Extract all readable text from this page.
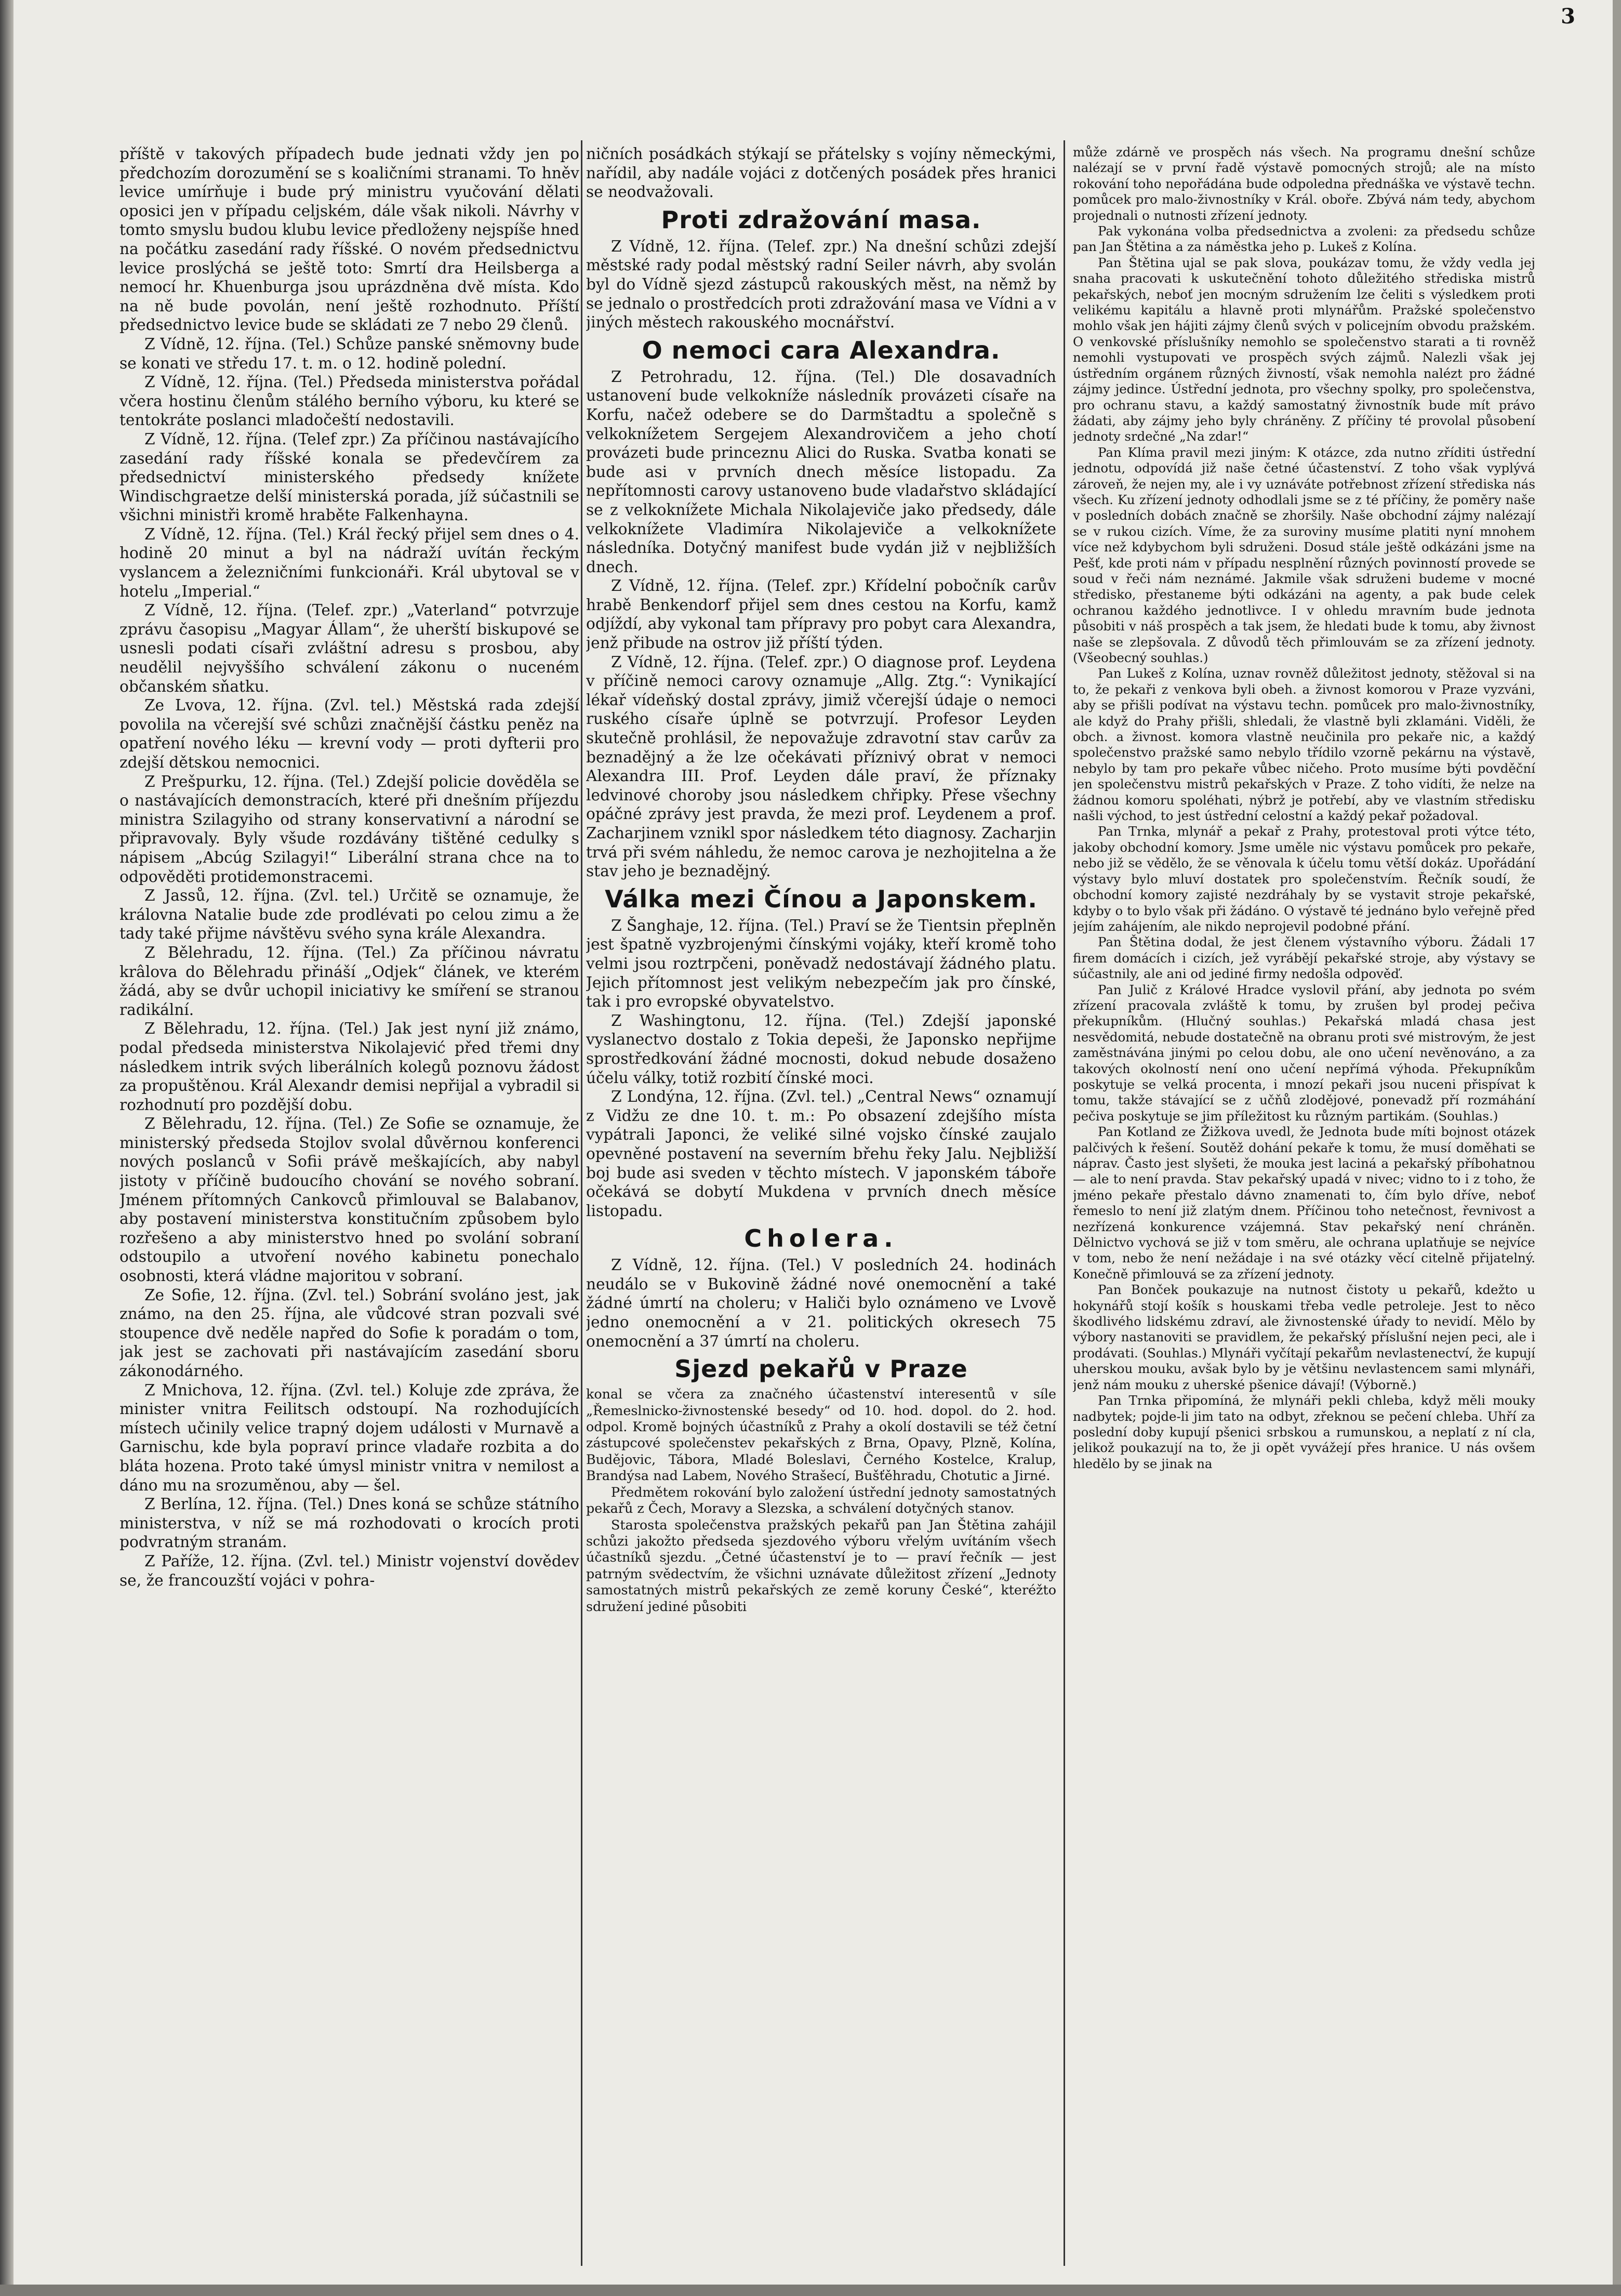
3

příště v takových případech bude jednati vždy jen po předchozím dorozumění se s koaličními stranami. To hněv levice umírňuje i bude prý ministru vyučování dělati oposici jen v případu celjském, dále však nikoli. Návrhy v tomto smyslu budou klubu levice předloženy nejspíše hned na počátku zasedání rady říšské. O novém předsednictvu levice proslýchá se ještě toto: Smrtí dra Heilsberga a nemocí hr. Khuenburga jsou uprázdněna dvě místa. Kdo na ně bude povolán, není ještě rozhodnuto. Příští předsednictvo levice bude se skládati ze 7 nebo 29 členů.

Z Vídně, 12. října. (Tel.) Schůze panské sněmovny bude se konati ve středu 17. t. m. o 12. hodině polední.

Z Vídně, 12. října. (Tel.) Předseda ministerstva pořádal včera hostinu členům stálého berního výboru, ku které se tentokráte poslanci mladočeští nedostavili.

Z Vídně, 12. října. (Telef zpr.) Za příčinou nastávajícího zasedání rady říšské konala se předevčírem za předsednictví ministerského předsedy knížete Windischgraetze delší ministerská porada, jíž súčastnili se všichni ministři kromě hraběte Falkenhayna.

Z Vídně, 12. října. (Tel.) Král řecký přijel sem dnes o 4. hodině 20 minut a byl na nádraží uvítán řeckým vyslancem a železničními funkcionáři. Král ubytoval se v hotelu „Imperial.“

Z Vídně, 12. října. (Telef. zpr.) „Vaterland“ potvrzuje zprávu časopisu „Magyar Állam“, že uherští biskupové se usnesli podati císaři zvláštní adresu s prosbou, aby neudělil nejvyššího schválení zákonu o nuceném občanském sňatku.

Ze Lvova, 12. října. (Zvl. tel.) Městská rada zdejší povolila na včerejší své schůzi značnější částku peněz na opatření nového léku — krevní vody — proti dyfterii pro zdejší dětskou nemocnici.

Z Prešpurku, 12. října. (Tel.) Zdejší policie dověděla se o nastávajících demonstracích, které při dnešním příjezdu ministra Szilagyiho od strany konservativní a národní se připravovaly. Byly všude rozdávány tištěné cedulky s nápisem „Abcúg Szilagyi!“ Liberální strana chce na to odpověděti protidemonstracemi.

Z Jassů, 12. října. (Zvl. tel.) Určitě se oznamuje, že královna Natalie bude zde prodlévati po celou zimu a že tady také přijme návštěvu svého syna krále Alexandra.

Z Bělehradu, 12. října. (Tel.) Za příčinou návratu krâlova do Bělehradu přináší „Odjek“ článek, ve kterém žádá, aby se dvůr uchopil iniciativy ke smíření se stranou radikální.

Z Bělehradu, 12. října. (Tel.) Jak jest nyní již známo, podal předseda ministerstva Nikolajević před třemi dny následkem intrik svých liberálních kolegů poznovu žádost za propuštěnou. Král Alexandr demisi nepřijal a vybradil si rozhodnutí pro pozdější dobu.

Z Bělehradu, 12. října. (Tel.) Ze Sofie se oznamuje, že ministerský předseda Stojlov svolal důvěrnou konferenci nových poslanců v Sofii právě meškajících, aby nabyl jistoty v příčině budoucího chování se nového sobraní. Jménem přítomných Cankovců přimlouval se Balabanov, aby postavení ministerstva konstitučním způsobem bylo rozřešeno a aby ministerstvo hned po svolání sobraní odstoupilo a utvoření nového kabinetu ponechalo osobnosti, která vládne majoritou v sobraní.

Ze Sofie, 12. října. (Zvl. tel.) Sobrání svoláno jest, jak známo, na den 25. října, ale vůdcové stran pozvali své stoupence dvě neděle napřed do Sofie k poradám o tom, jak jest se zachovati při nastávajícím zasedání sboru zákonodárného.

Z Mnichova, 12. října. (Zvl. tel.) Koluje zde zpráva, že minister vnitra Feilitsch odstoupí. Na rozhodujících místech učinily velice trapný dojem události v Murnavě a Garnischu, kde byla popraví prince vladaře rozbita a do bláta hozena. Proto také úmysl ministr vnitra v nemilost a dáno mu na srozuměnou, aby — šel.

Z Berlína, 12. října. (Tel.) Dnes koná se schůze státního ministerstva, v níž se má rozhodovati o krocích proti podvratným stranám.

Z Paříže, 12. října. (Zvl. tel.) Ministr vojenství dovědev se, že francouzští vojáci v pohra-

ničních posádkách stýkají se přátelsky s vojíny německými, nařídil, aby nadále vojáci z dotčených posádek přes hranici se neodvažovali.

Proti zdražování masa.

Z Vídně, 12. října. (Telef. zpr.) Na dnešní schůzi zdejší městské rady podal městský radní Seiler návrh, aby svolán byl do Vídně sjezd zástupců rakouských měst, na němž by se jednalo o prostředcích proti zdražování masa ve Vídni a v jiných městech rakouského mocnářství.

O nemoci cara Alexandra.

Z Petrohradu, 12. října. (Tel.) Dle dosavadních ustanovení bude velkokníže následník provázeti císaře na Korfu, načež odebere se do Darmštadtu a společně s velkoknížetem Sergejem Alexandrovičem a jeho chotí provázeti bude princeznu Alici do Ruska. Svatba konati se bude asi v prvních dnech měsíce listopadu. Za nepřítomnosti carovy ustanoveno bude vladařstvo skládající se z velkoknížete Michala Nikolajeviče jako předsedy, dále velkoknížete Vladimíra Nikolajeviče a velkoknížete následníka. Dotyčný manifest bude vydán již v nejbližších dnech.

Z Vídně, 12. října. (Telef. zpr.) Křídelní pobočník carův hrabě Benkendorf přijel sem dnes cestou na Korfu, kamž odjíždí, aby vykonal tam přípravy pro pobyt cara Alexandra, jenž přibude na ostrov již příští týden.

Z Vídně, 12. října. (Telef. zpr.) O diagnose prof. Leydena v příčině nemoci carovy oznamuje „Allg. Ztg.“: Vynikající lékař vídeňský dostal zprávy, jimiž včerejší údaje o nemoci ruského císaře úplně se potvrzují. Profesor Leyden skutečně prohlásil, že nepovažuje zdravotní stav carův za beznadějný a že lze očekávati příznivý obrat v nemoci Alexandra III. Prof. Leyden dále praví, že příznaky ledvinové choroby jsou následkem chřipky. Přese všechny opáčné zprávy jest pravda, že mezi prof. Leydenem a prof. Zacharjinem vznikl spor následkem této diagnosy. Zacharjin trvá při svém náhledu, že nemoc carova je nezhojitelna a že stav jeho je beznadějný.

Válka mezi Čínou a Japonskem.

Z Šanghaje, 12. října. (Tel.) Praví se že Tientsin přeplněn jest špatně vyzbrojenými čínskými vojáky, kteří kromě toho velmi jsou roztrpčeni, poněvadž nedostávají žádného platu. Jejich přítomnost jest velikým nebezpečím jak pro čínské, tak i pro evropské obyvatelstvo.

Z Washingtonu, 12. října. (Tel.) Zdejší japonské vyslanectvo dostalo z Tokia depeši, že Japonsko nepřijme sprostředkování žádné mocnosti, dokud nebude dosaženo účelu války, totiž rozbití čínské moci.

Z Londýna, 12. října. (Zvl. tel.) „Central News“ oznamují z Vidžu ze dne 10. t. m.: Po obsazení zdejšího místa vypátrali Japonci, že veliké silné vojsko čínské zaujalo opevněné postavení na severním břehu řeky Jalu. Nejbližší boj bude asi sveden v těchto místech. V japonském táboře očekává se dobytí Mukdena v prvních dnech měsíce listopadu.

Cholera.

Z Vídně, 12. října. (Tel.) V posledních 24. hodinách neudálo se v Bukovině žádné nové onemocnění a také žádné úmrtí na choleru; v Haliči bylo oznámeno ve Lvově jedno onemocnění a v 21. politických okresech 75 onemocnění a 37 úmrtí na choleru.

Sjezd pekařů v Praze

konal se včera za značného účastenství interesentů v síle „Řemeslnicko-živnostenské besedy“ od 10. hod. dopol. do 2. hod. odpol. Kromě bojných účastníků z Prahy a okolí dostavili se též četní zástupcové společenstev pekařských z Brna, Opavy, Plzně, Kolína, Budějovic, Tábora, Mladé Boleslavi, Černého Kostelce, Kralup, Brandýsa nad Labem, Nového Strašecí, Bušťěhradu, Chotutic a Jirné.

Předmětem rokování bylo založení ústřední jednoty samostatných pekařů z Čech, Moravy a Slezska, a schválení dotyčných stanov.

Starosta společenstva pražských pekařů pan Jan Štětina zahájil schůzi jakožto předseda sjezdového výboru vřelým uvítáním všech účastníků sjezdu. „Četné účastenství je to — praví řečník — jest patrným svědectvím, že všichni uznávate důležitost zřízení „Jednoty samostatných mistrů pekařských ze země koruny České“, kteréžto sdružení jediné působiti

může zdárně ve prospěch nás všech. Na programu dnešní schůze nalézají se v první řadě výstavě pomocných strojů; ale na místo rokování toho nepořádána bude odpoledna přednáška ve výstavě techn. pomůcek pro malo-živnostníky v Král. oboře. Zbývá nám tedy, abychom projednali o nutnosti zřízení jednoty.

Pak vykonána volba předsednictva a zvoleni: za předsedu schůze pan Jan Štětina a za náměstka jeho p. Lukeš z Kolína.

Pan Štětina ujal se pak slova, poukázav tomu, že vždy vedla jej snaha pracovati k uskutečnění tohoto důležitého střediska mistrů pekařských, neboť jen mocným sdružením lze čeliti s výsledkem proti velikému kapitálu a hlavně proti mlynářům. Pražské společenstvo mohlo však jen hájiti zájmy členů svých v policejním obvodu pražském. O venkovské příslušníky nemohlo se společenstvo starati a ti rovněž nemohli vystupovati ve prospěch svých zájmů. Nalezli však jej ústředním orgánem různých živností, však nemohla nalézt pro žádné zájmy jedince. Ústřední jednota, pro všechny spolky, pro společenstva, pro ochranu stavu, a každý samostatný živnostník bude mít právo žádati, aby zájmy jeho byly chráněny. Z příčiny té provolal působení jednoty srdečné „Na zdar!“

Pan Klíma pravil mezi jiným: K otázce, zda nutno zříditi ústřední jednotu, odpovídá již naše četné účastenství. Z toho však vyplývá zároveň, že nejen my, ale i vy uznáváte potřebnost zřízení střediska nás všech. Ku zřízení jednoty odhodlali jsme se z té příčiny, že poměry naše v posledních dobách značně se zhoršily. Naše obchodní zájmy nalézají se v rukou cizích. Víme, že za suroviny musíme platiti nyní mnohem více než kdybychom byli sdruženi. Dosud stále ještě odkázáni jsme na Pešť, kde proti nám v případu nesplnění různých povinností provede se soud v řeči nám neznámé. Jakmile však sdruženi budeme v mocné středisko, přestaneme býti odkázáni na agenty, a pak bude celek ochranou každého jednotlivce. I v ohledu mravním bude jednota působiti v náš prospěch a tak jsem, že hledati bude k tomu, aby živnost naše se zlepšovala. Z důvodů těch přimlouvám se za zřízení jednoty. (Všeobecný souhlas.)

Pan Lukeš z Kolína, uznav rovněž důležitost jednoty, stěžoval si na to, že pekaři z venkova byli obeh. a živnost komorou v Praze vyzváni, aby se přišli podívat na výstavu techn. pomůcek pro malo-živnostníky, ale když do Prahy přišli, shledali, že vlastně byli zklamáni. Viděli, že obch. a živnost. komora vlastně neučinila pro pekaře nic, a každý společenstvo pražské samo nebylo třídilo vzorně pekárnu na výstavě, nebylo by tam pro pekaře vůbec ničeho. Proto musíme býti povděční jen společenstvu mistrů pekařských v Praze. Z toho vidíti, že nelze na žádnou komoru spoléhati, nýbrž je potřebí, aby ve vlastním středisku našli východ, to jest ústřední celostní a každý pekař požadoval.

Pan Trnka, mlynář a pekař z Prahy, protestoval proti výtce této, jakoby obchodní komory. Jsme uměle nic výstavu pomůcek pro pekaře, nebo již se vědělo, že se věnovala k účelu tomu větší dokáz. Upořádání výstavy bylo mluví dostatek pro společenstvím. Řečník soudí, že obchodní komory zajisté nezdráhaly by se vystavit stroje pekařské, kdyby o to bylo však při žádáno. O výstavě té jednáno bylo veřejně před jejím zahájením, ale nikdo neprojevil podobné přání.

Pan Štětina dodal, že jest členem výstavního výboru. Žádali 17 firem domácích i cizích, jež vyrábějí pekařské stroje, aby výstavy se súčastnily, ale ani od jediné firmy nedošla odpověď.

Pan Julič z Králové Hradce vyslovil přání, aby jednota po svém zřízení pracovala zvláště k tomu, by zrušen byl prodej pečiva překupníkům. (Hlučný souhlas.) Pekařská mladá chasa jest nesvědomitá, nebude dostatečně na obranu proti své mistrovým, že jest zaměstnávána jinými po celou dobu, ale ono učení nevěnováno, a za takových okolností není ono učení nepřímá výhoda. Překupníkům poskytuje se velká procenta, i mnozí pekaři jsou nuceni přispívat k tomu, takže stávající se z učňů zlodějové, ponevadž pří rozmáhání pečiva poskytuje se jim příležitost ku různým partikám. (Souhlas.)

Pan Kotland ze Žižkova uvedl, že Jednota bude míti bojnost otázek palčivých k řešení. Soutěž dohání pekaře k tomu, že musí doměhati se náprav. Často jest slyšeti, že mouka jest laciná a pekařský příbohatnou — ale to není pravda. Stav pekařský upadá v nivec; vidno to i z toho, že jméno pekaře přestalo dávno znamenati to, čím bylo dříve, neboť řemeslo to není již zlatým dnem. Příčinou toho netečnost, řevnivost a nezřízená konkurence vzájemná. Stav pekařský není chráněn. Dělnictvo vychová se již v tom směru, ale ochrana uplatňuje se nejvíce v tom, nebo že není nežádaje i na své otázky věcí citelně přijatelný. Konečně přimlouvá se za zřízení jednoty.

Pan Bonček poukazuje na nutnost čistoty u pekařů, kdežto u hokynářů stojí košík s houskami třeba vedle petroleje. Jest to něco škodlivého lidskému zdraví, ale živnostenské úřady to nevidí. Mělo by výbory nastanoviti se pravidlem, že pekařský příslušní nejen peci, ale i prodávati. (Souhlas.) Mlynáři vyčítají pekařům nevlastenectví, že kupují uherskou mouku, avšak bylo by je většinu nevlastencem sami mlynáři, jenž nám mouku z uherské pšenice dávají! (Výborně.)

Pan Trnka připomíná, že mlynáři pekli chleba, když měli mouky nadbytek; pojde-li jim tato na odbyt, zřeknou se pečení chleba. Uhří za poslední doby kupují pšenici srbskou a rumunskou, a neplatí z ní cla, jelikož poukazují na to, že ji opět vyvážejí přes hranice. U nás ovšem hledělo by se jinak na
